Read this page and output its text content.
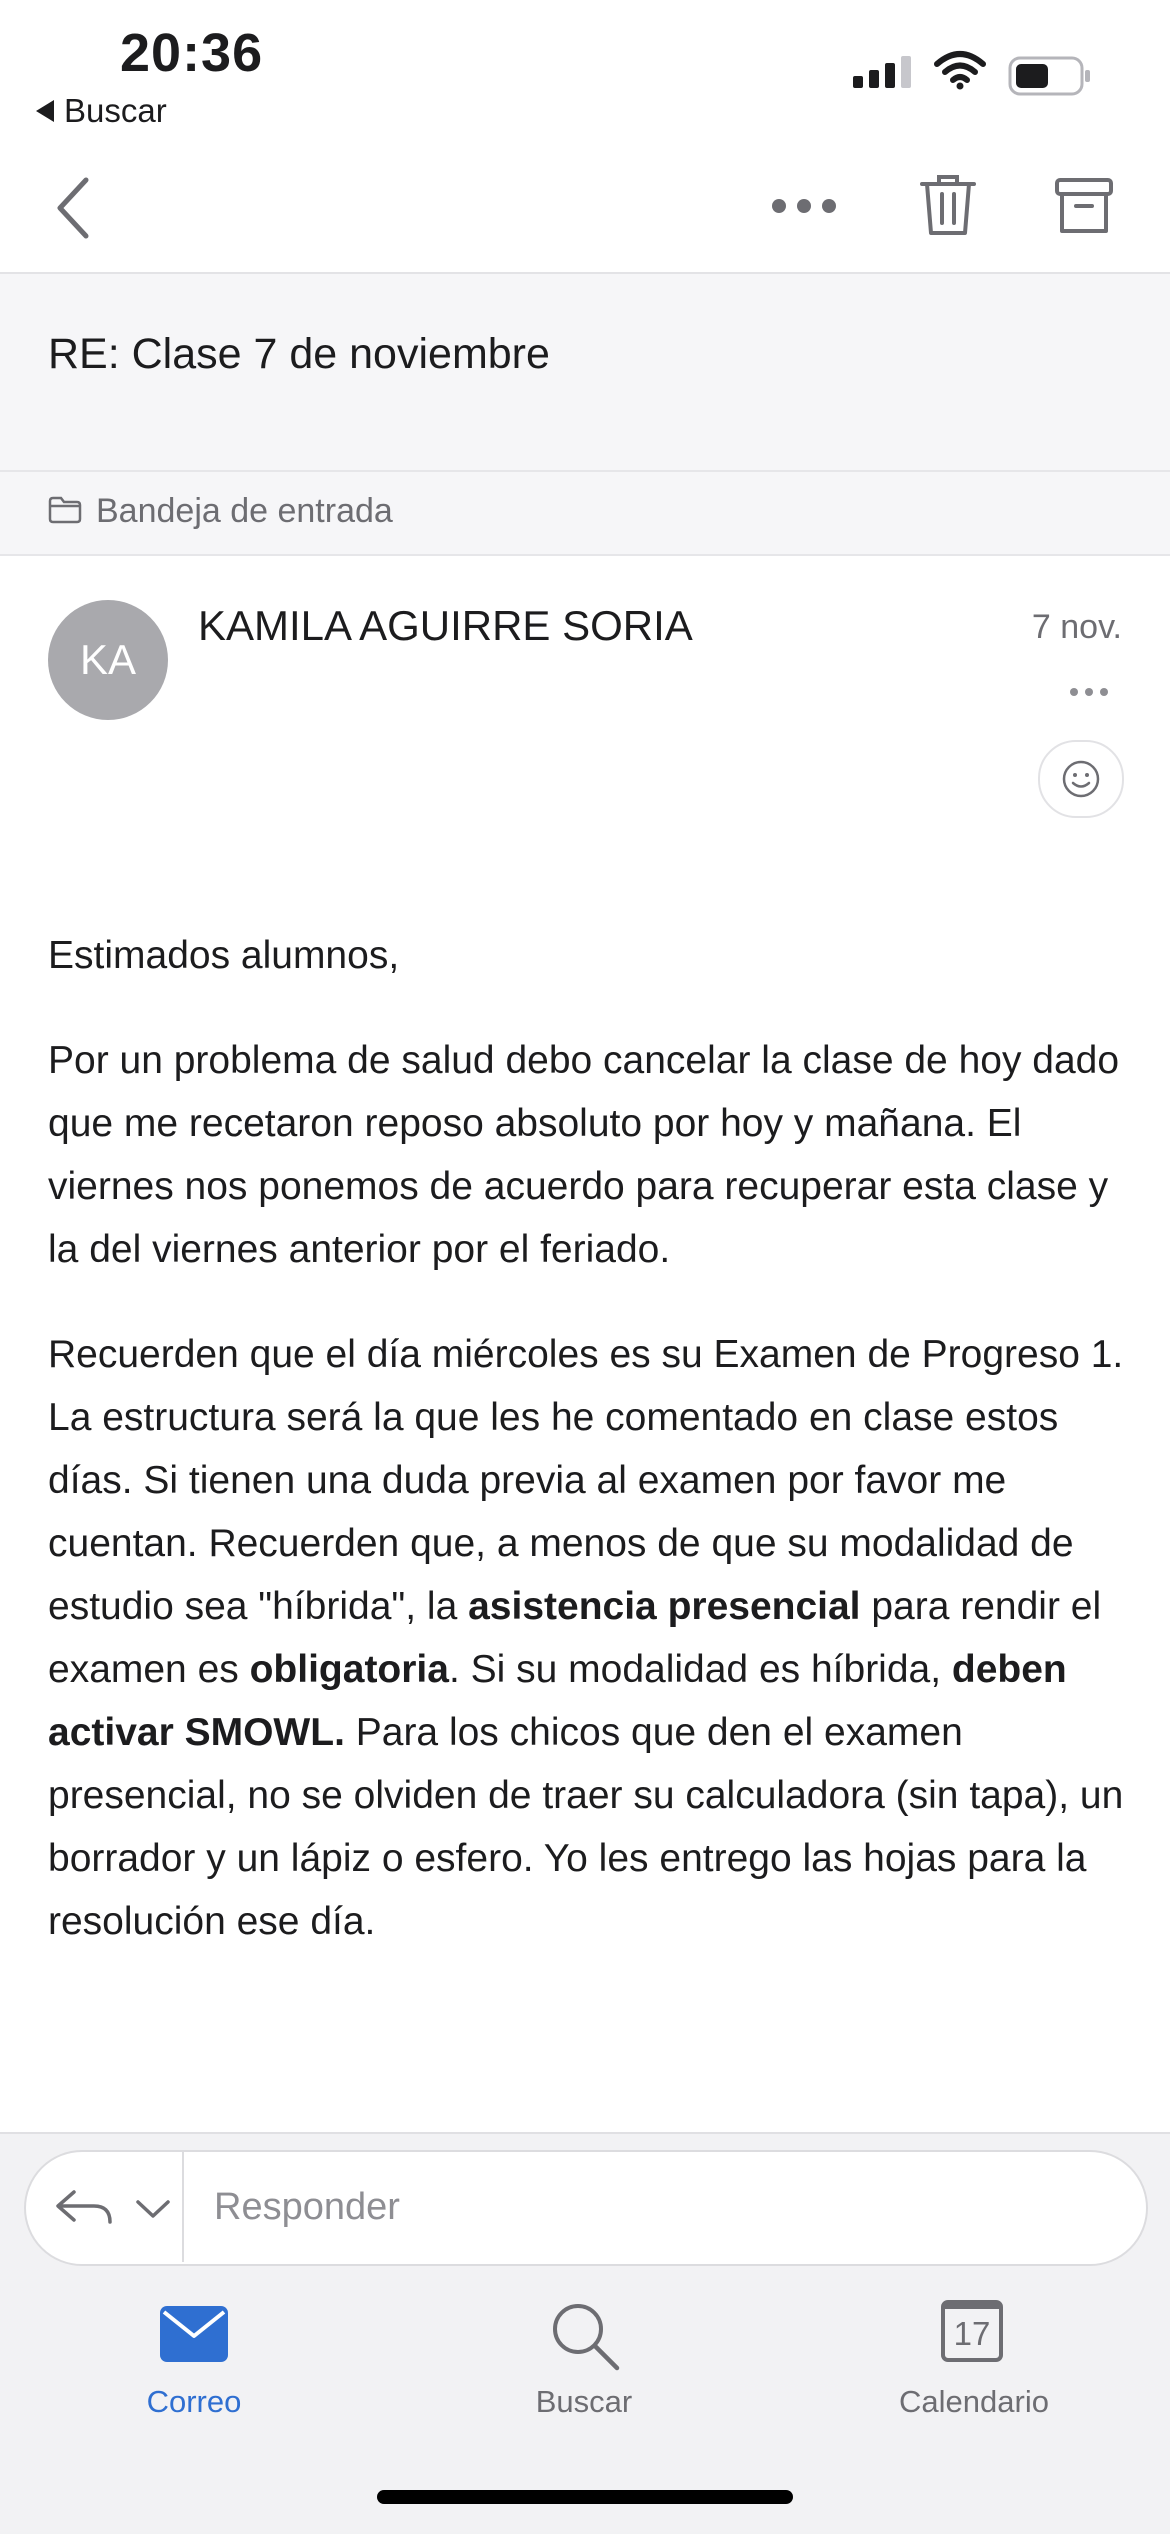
20:36
Buscar
RE: Clase 7 de noviembre
Bandeja de entrada
KA
KAMILA AGUIRRE SORIA	7 nov.

Estimados alumnos,

Por un problema de salud debo cancelar la clase de hoy dado que me recetaron reposo absoluto por hoy y mañana. El viernes nos ponemos de acuerdo para recuperar esta clase y la del viernes anterior por el feriado.

Recuerden que el día miércoles es su Examen de Progreso 1. La estructura será la que les he comentado en clase estos días. Si tienen una duda previa al examen por favor me cuentan. Recuerden que, a menos de que su modalidad de estudio sea "híbrida", la asistencia presencial para rendir el examen es obligatoria. Si su modalidad es híbrida, deben activar SMOWL. Para los chicos que den el examen presencial, no se olviden de traer su calculadora (sin tapa), un borrador y un lápiz o esfero. Yo les entrego las hojas para la resolución ese día.

Responder
Correo	Buscar
17
Calendario
